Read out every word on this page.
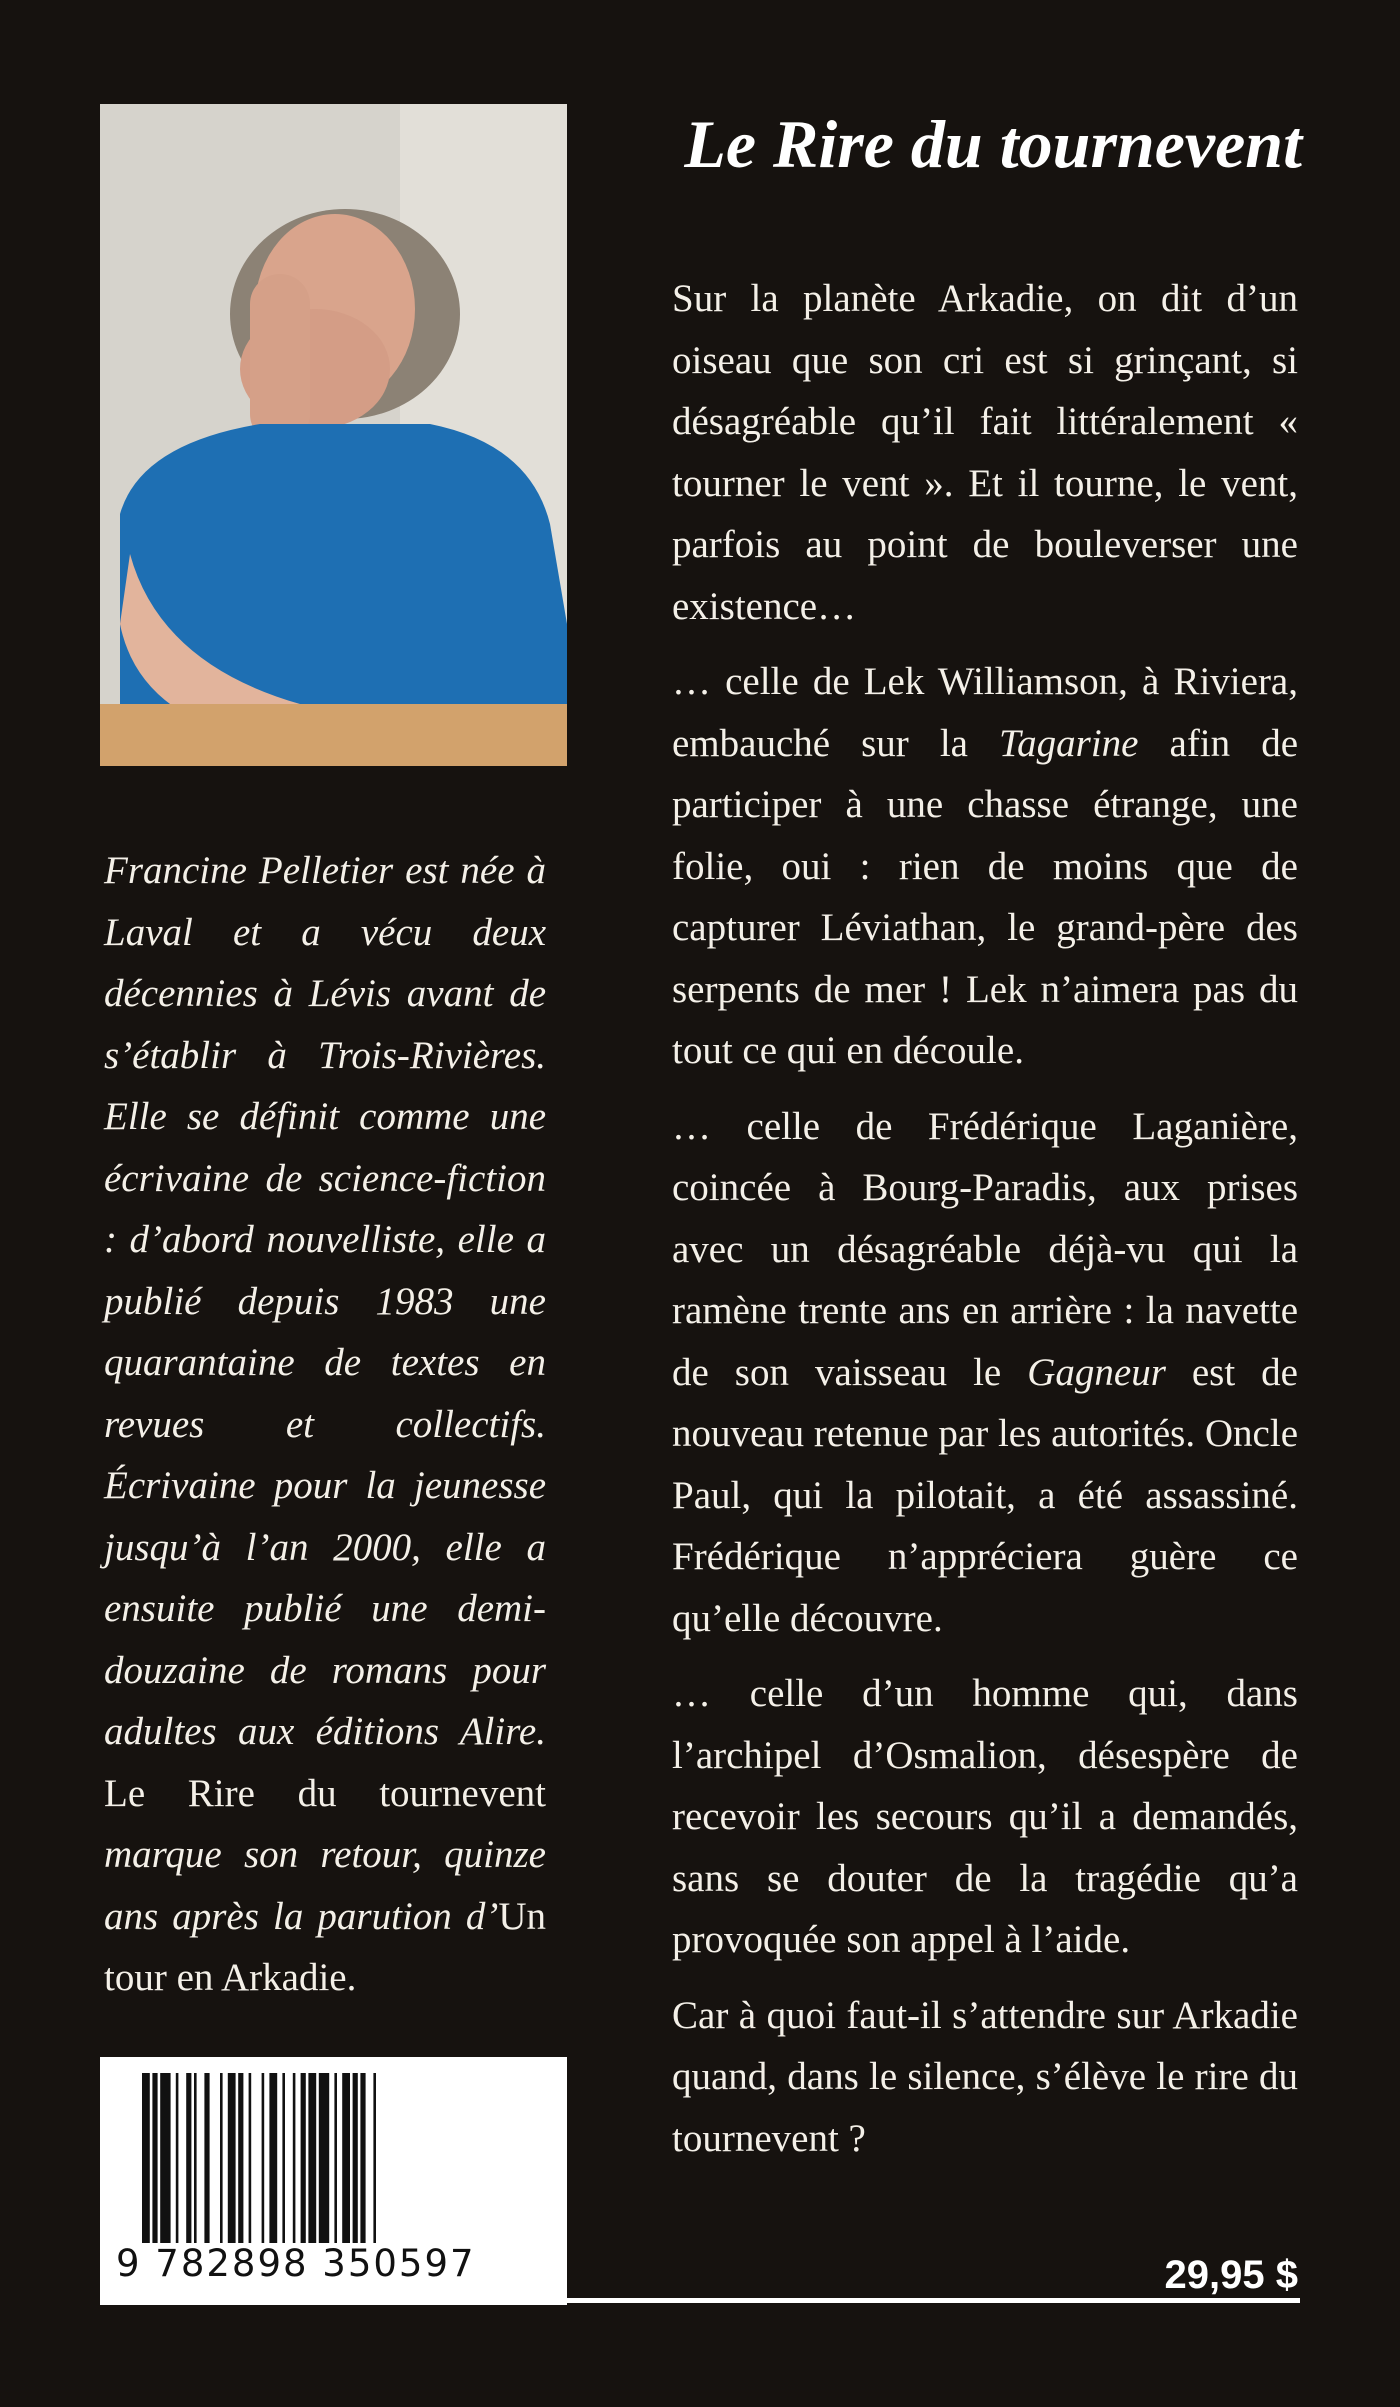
Francine Pelletier est née à Laval et a vécu deux décennies à Lévis avant de s’établir à Trois-Rivières. Elle se définit comme une écrivaine de science-fiction : d’abord nouvelliste, elle a publié depuis 1983 une quarantaine de textes en revues et collectifs. Écrivaine pour la jeunesse jusqu’à l’an 2000, elle a ensuite publié une demi-douzaine de romans pour adultes aux éditions Alire. Le Rire du tournevent marque son retour, quinze ans après la parution d’Un tour en Arkadie.
9 782898 350597
Le Rire du tournevent

Sur la planète Arkadie, on dit d’un oiseau que son cri est si grinçant, si désagréable qu’il fait littéralement « tourner le vent ». Et il tourne, le vent, parfois au point de bouleverser une existence…

… celle de Lek Williamson, à Riviera, embauché sur la Tagarine afin de participer à une chasse étrange, une folie, oui : rien de moins que de capturer Léviathan, le grand-père des serpents de mer ! Lek n’aimera pas du tout ce qui en découle.

… celle de Frédérique Laganière, coincée à Bourg-Paradis, aux prises avec un désagréable déjà-vu qui la ramène trente ans en arrière : la navette de son vaisseau le Gagneur est de nouveau retenue par les autorités. Oncle Paul, qui la pilotait, a été assassiné. Frédérique n’appréciera guère ce qu’elle découvre.

… celle d’un homme qui, dans l’archipel d’Osmalion, désespère de recevoir les secours qu’il a demandés, sans se douter de la tragédie qu’a provoquée son appel à l’aide.

Car à quoi faut-il s’attendre sur Arkadie quand, dans le silence, s’élève le rire du tournevent ?

29,95 $
